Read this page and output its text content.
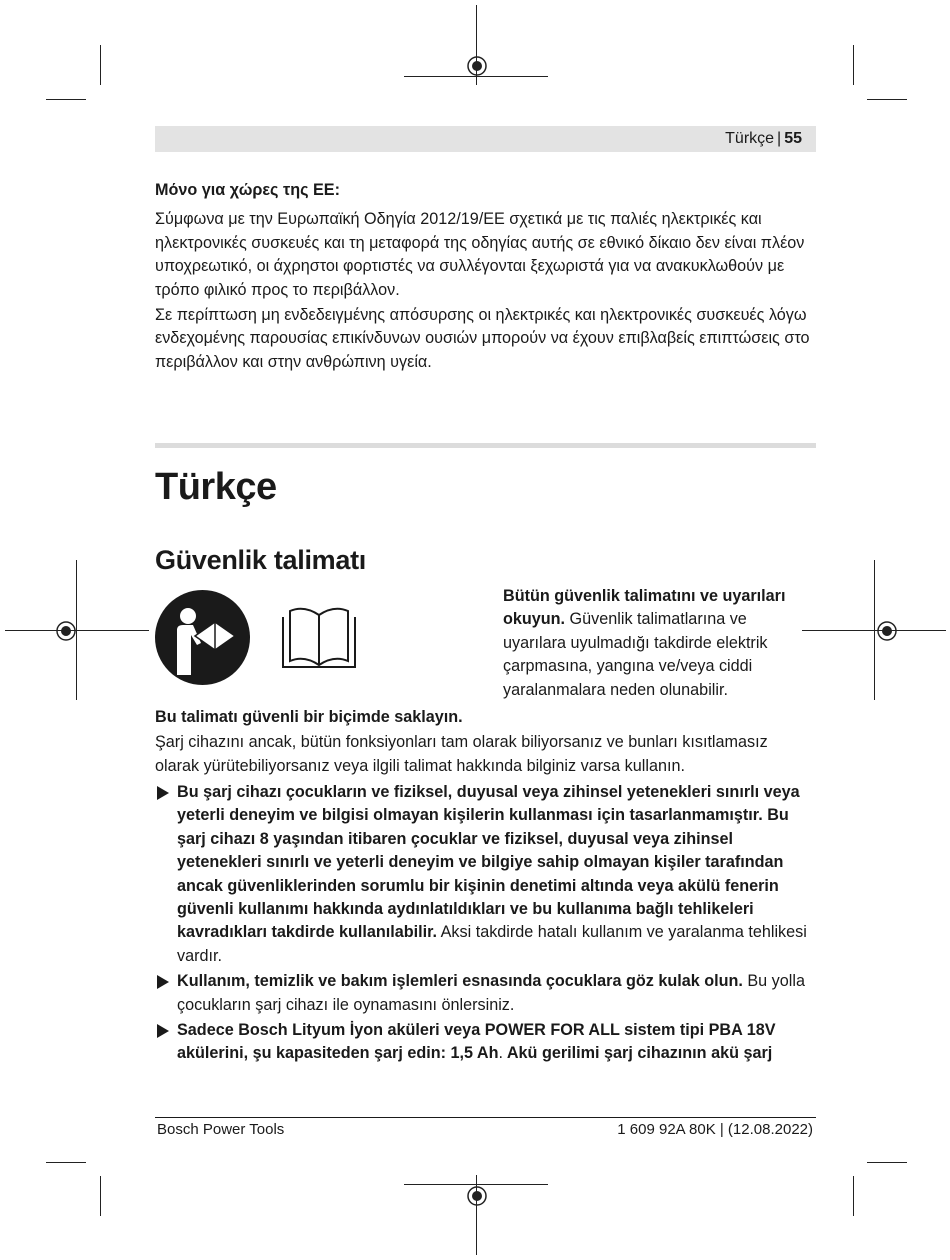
Türkçe | 55
Μόνο για χώρες της ΕΕ:

Σύμφωνα με την Ευρωπαϊκή Οδηγία 2012/19/ΕΕ σχετικά με τις παλιές ηλεκτρικές και ηλεκτρονικές συσκευές και τη μεταφορά της οδηγίας αυτής σε εθνικό δίκαιο δεν είναι πλέον υποχρεωτικό, οι άχρηστοι φορτιστές να συλλέγονται ξεχωριστά για να ανακυκλωθούν με τρόπο φιλικό προς το περιβάλλον.

Σε περίπτωση μη ενδεδειγμένης απόσυρσης οι ηλεκτρικές και ηλεκτρονικές συσκευές λόγω ενδεχομένης παρουσίας επικίνδυνων ουσιών μπορούν να έχουν επιβλαβείς επιπτώσεις στο περιβάλλον και στην ανθρώπινη υγεία.

Türkçe
Güvenlik talimatı

Bütün güvenlik talimatını ve uyarıları okuyun. Güvenlik talimatlarına ve uyarılara uyulmadığı takdirde elektrik çarpmasına, yangına ve/veya ciddi yaralanmalara neden olunabilir.

Bu talimatı güvenli bir biçimde saklayın.

Şarj cihazını ancak, bütün fonksiyonları tam olarak biliyorsanız ve bunları kısıtlamasız olarak yürütebiliyorsanız veya ilgili talimat hakkında bilginiz varsa kullanın.

Bu şarj cihazı çocukların ve fiziksel, duyusal veya zihinsel yetenekleri sınırlı veya yeterli deneyim ve bilgisi olmayan kişilerin kullanması için tasarlanmamıştır. Bu şarj cihazı 8 yaşından itibaren çocuklar ve fiziksel, duyusal veya zihinsel yetenekleri sınırlı ve yeterli deneyim ve bilgiye sahip olmayan kişiler tarafından ancak güvenliklerinden sorumlu bir kişinin denetimi altında veya akülü fenerin güvenli kullanımı hakkında aydınlatıldıkları ve bu kullanıma bağlı tehlikeleri kavradıkları takdirde kullanılabilir. Aksi takdirde hatalı kullanım ve yaralanma tehlikesi vardır.

Kullanım, temizlik ve bakım işlemleri esnasında çocuklara göz kulak olun. Bu yolla çocukların şarj cihazı ile oynamasını önlersiniz.

Sadece Bosch Lityum İyon aküleri veya POWER FOR ALL sistem tipi PBA 18V akülerini, şu kapasiteden şarj edin: 1,5 Ah. Akü gerilimi şarj cihazının akü şarj

Bosch Power Tools	1 609 92A 80K | (12.08.2022)
